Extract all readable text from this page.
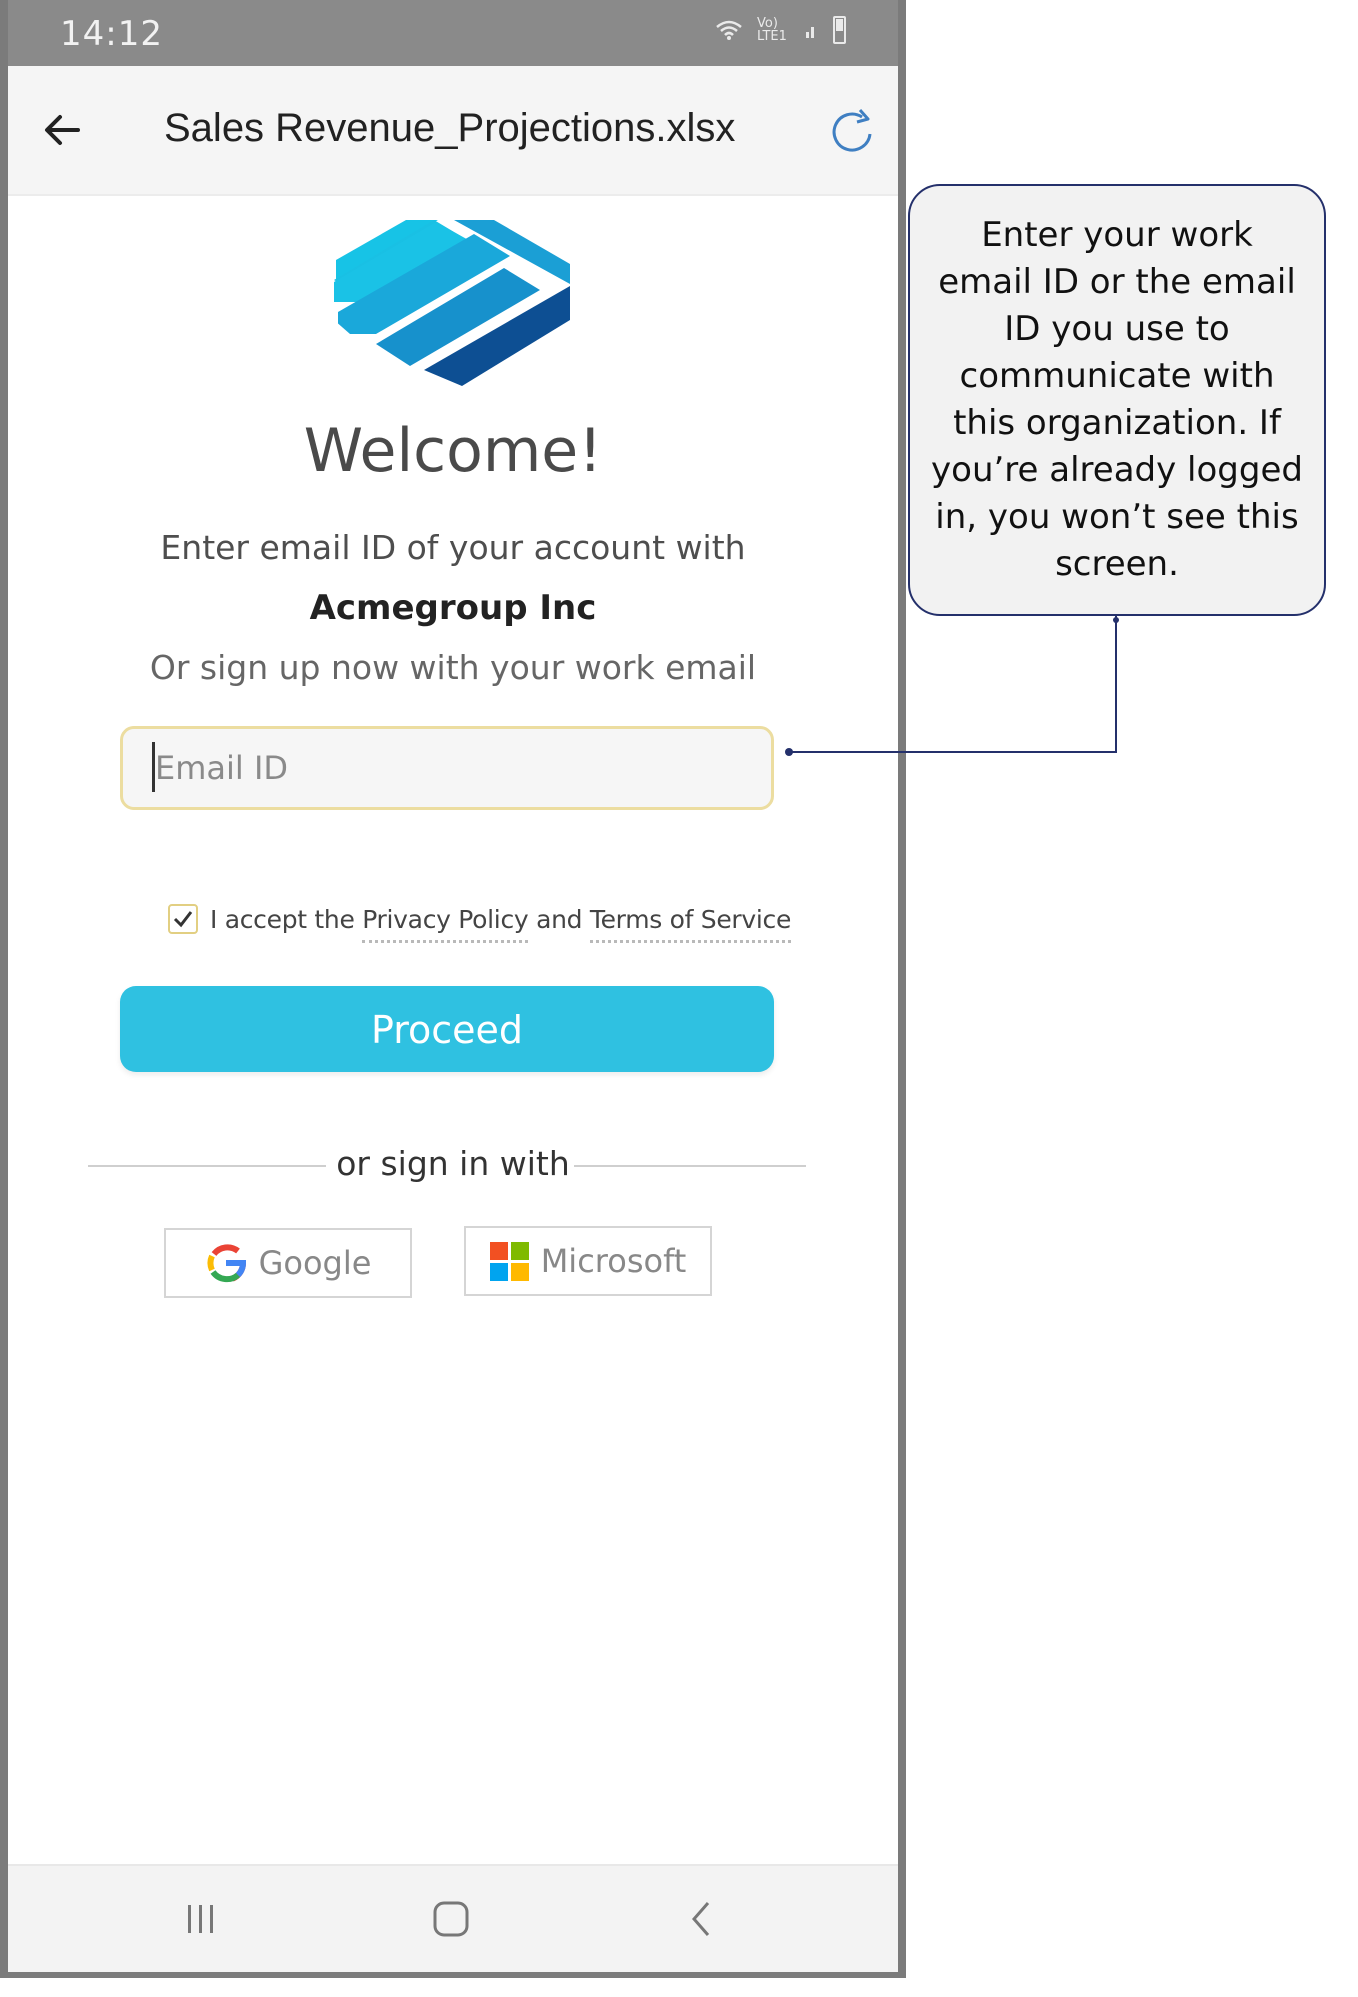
14:12	Vo) LTE1
Sales Revenue_Projections.xlsx
Welcome!
Enter email ID of your account with
Acmegroup Inc
Or sign up now with your work email
Email ID
I accept the Privacy Policy and Terms of Service
Proceed
or sign in with
Google	Microsoft
Enter your work email ID or the email ID you use to communicate with this organization. If you’re already logged in, you won’t see this screen.
